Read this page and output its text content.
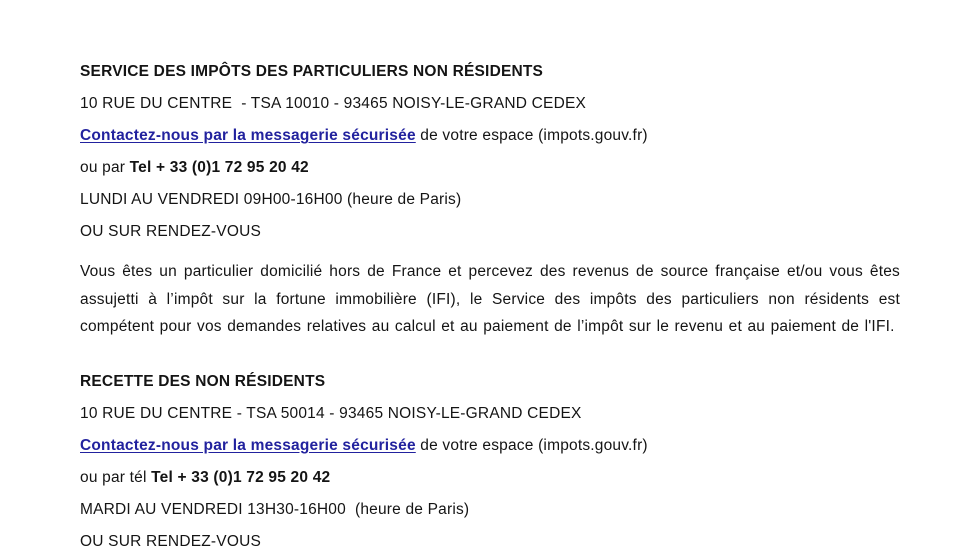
SERVICE DES IMPÔTS DES PARTICULIERS NON RÉSIDENTS

10 RUE DU CENTRE  - TSA 10010 - 93465 NOISY-LE-GRAND CEDEX

Contactez-nous par la messagerie sécurisée de votre espace (impots.gouv.fr)

ou par Tel + 33 (0)1 72 95 20 42

LUNDI AU VENDREDI 09H00-16H00 (heure de Paris)

OU SUR RENDEZ-VOUS

Vous êtes un particulier domicilié hors de France et percevez des revenus de source française et/ou vous êtes assujetti à l’impôt sur la fortune immobilière (IFI), le Service des impôts des particuliers non résidents est compétent pour vos demandes relatives au calcul et au paiement de l’impôt sur le revenu et au paiement de l'IFI.

RECETTE DES NON RÉSIDENTS

10 RUE DU CENTRE - TSA 50014 - 93465 NOISY-LE-GRAND CEDEX

Contactez-nous par la messagerie sécurisée de votre espace (impots.gouv.fr)

ou par tél Tel + 33 (0)1 72 95 20 42

MARDI AU VENDREDI 13H30-16H00  (heure de Paris)

OU SUR RENDEZ-VOUS
